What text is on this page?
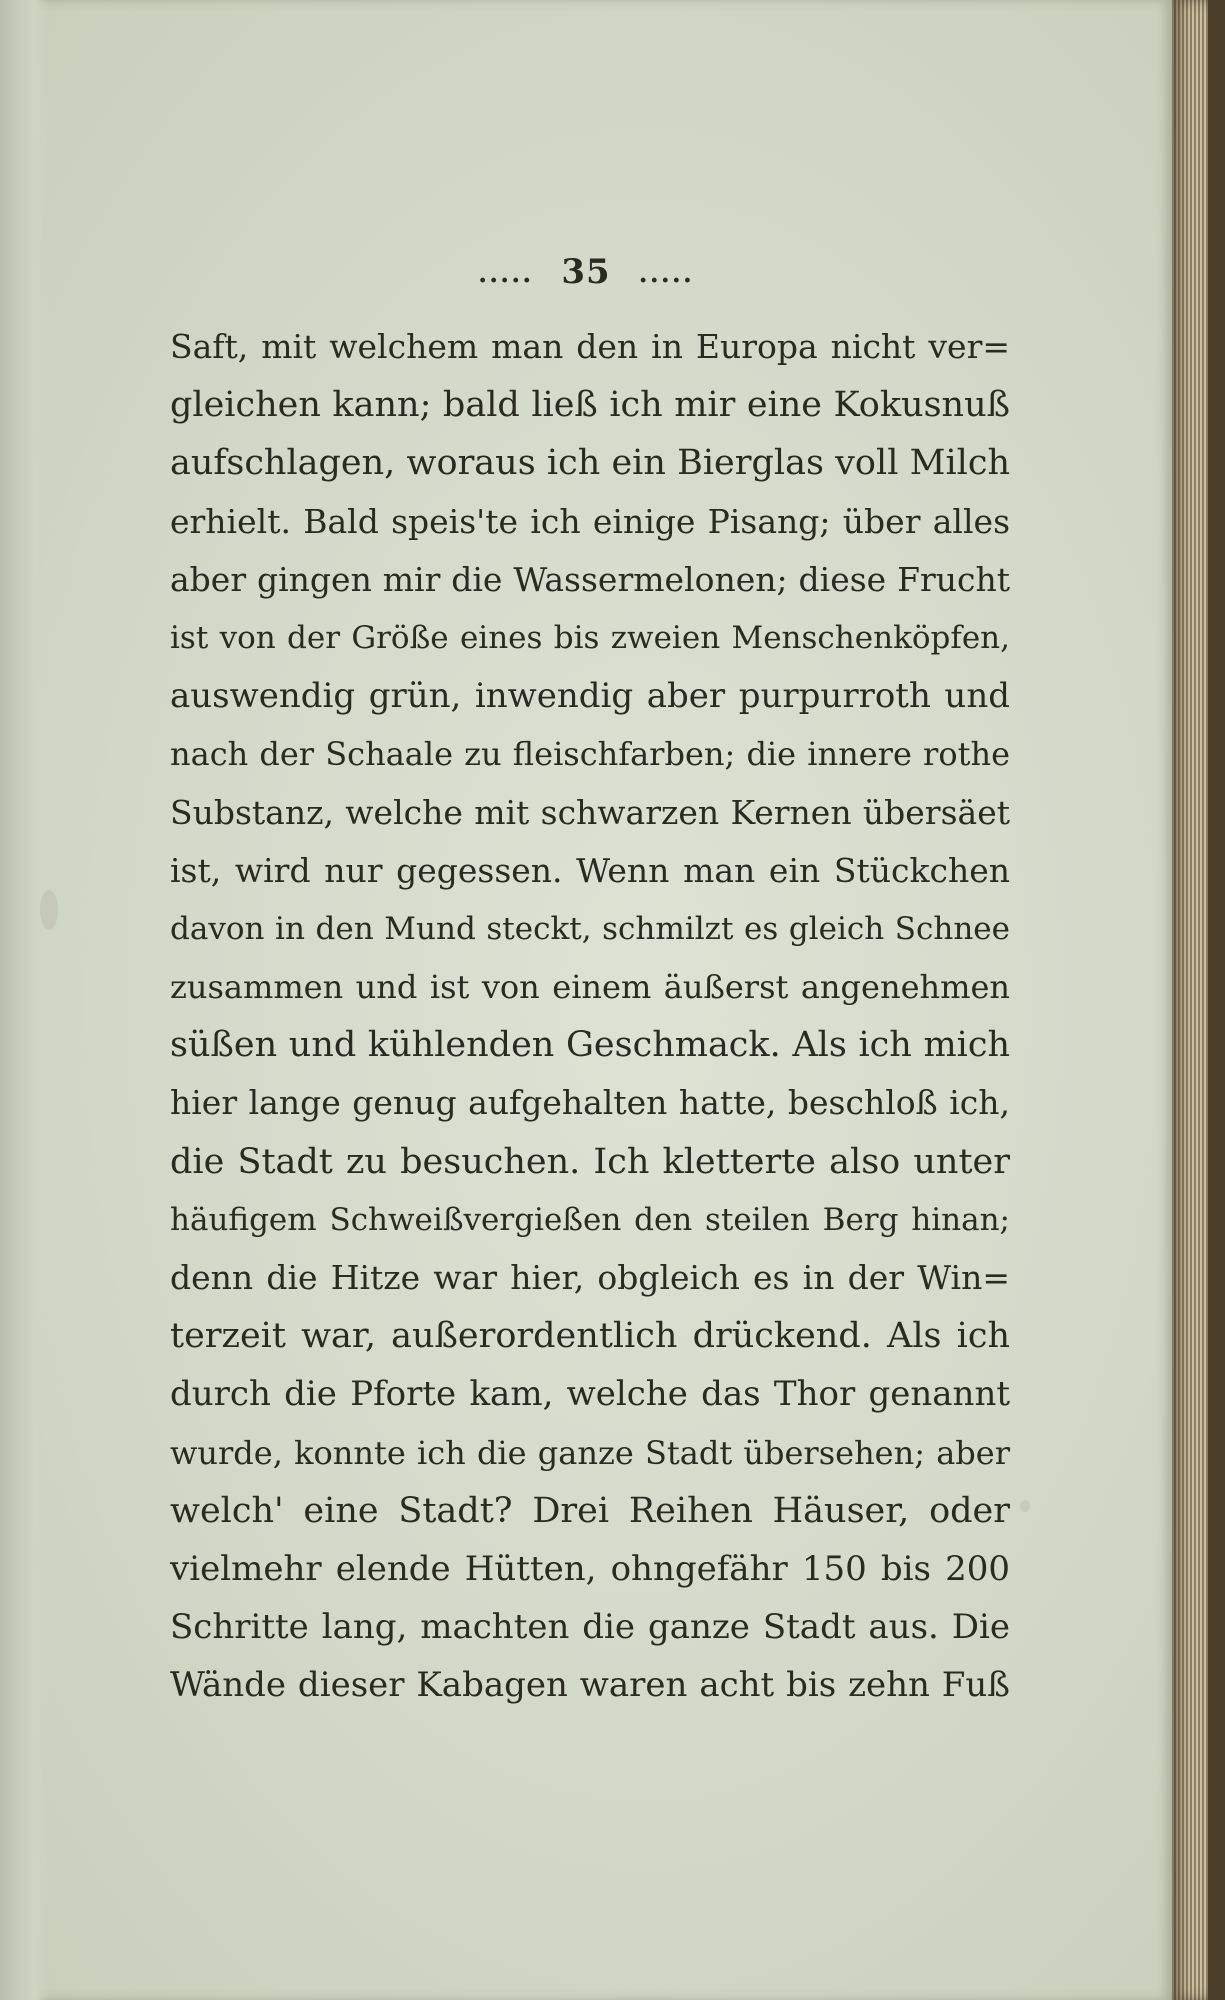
..... 35 .....
Saft, mit welchem man den in Europa nicht ver=
gleichen kann; bald ließ ich mir eine Kokusnuß
aufschlagen, woraus ich ein Bierglas voll Milch
erhielt. Bald speis'te ich einige Pisang; über alles
aber gingen mir die Wassermelonen; diese Frucht
ist von der Größe eines bis zweien Menschenköpfen,
auswendig grün, inwendig aber purpurroth und
nach der Schaale zu fleischfarben; die innere rothe
Substanz, welche mit schwarzen Kernen übersäet
ist, wird nur gegessen. Wenn man ein Stückchen
davon in den Mund steckt, schmilzt es gleich Schnee
zusammen und ist von einem äußerst angenehmen
süßen und kühlenden Geschmack. Als ich mich
hier lange genug aufgehalten hatte, beschloß ich,
die Stadt zu besuchen. Ich kletterte also unter
häufigem Schweißvergießen den steilen Berg hinan;
denn die Hitze war hier, obgleich es in der Win=
terzeit war, außerordentlich drückend. Als ich
durch die Pforte kam, welche das Thor genannt
wurde, konnte ich die ganze Stadt übersehen; aber
welch' eine Stadt? Drei Reihen Häuser, oder
vielmehr elende Hütten, ohngefähr 150 bis 200
Schritte lang, machten die ganze Stadt aus. Die
Wände dieser Kabagen waren acht bis zehn Fuß
